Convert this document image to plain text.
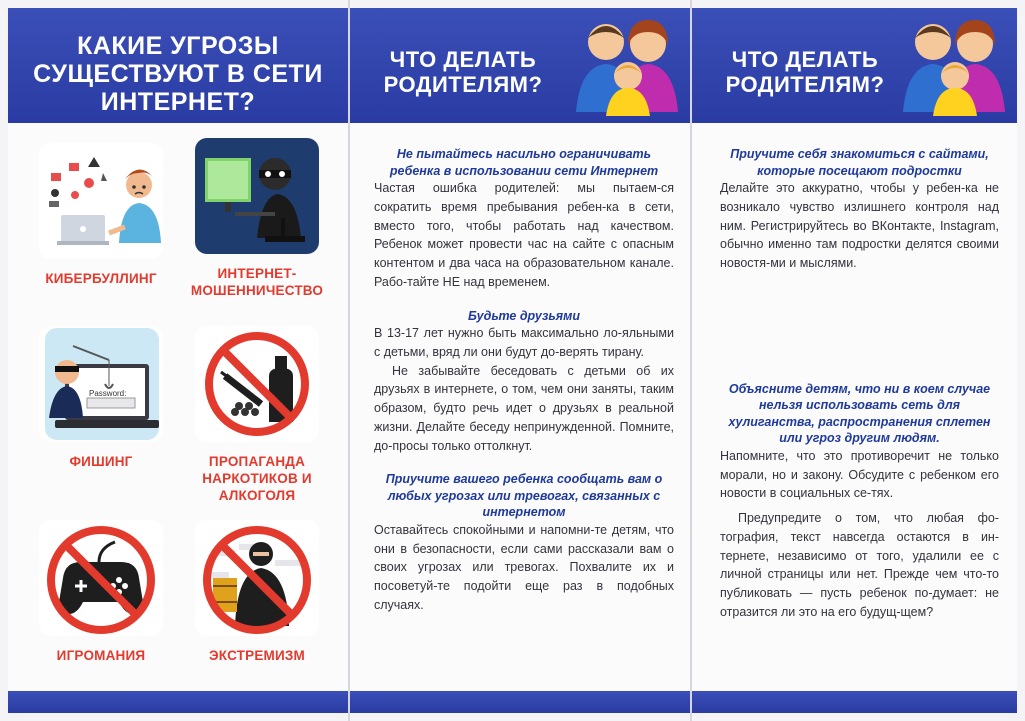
КАКИЕ УГРОЗЫ СУЩЕСТВУЮТ В СЕТИ ИНТЕРНЕТ?
КИБЕРБУЛЛИНГ	ИНТЕРНЕТ-МОШЕННИЧЕСТВО
Password:
ФИШИНГ	ПРОПАГАНДА НАРКОТИКОВ И АЛКОГОЛЯ
ИГРОМАНИЯ	ЭКСТРЕМИЗМ
ЧТО ДЕЛАТЬ РОДИТЕЛЯМ?
Не пытайтесь насильно ограничивать ребенка в использовании сети Интернет

Частая ошибка родителей: мы пытаем-ся сократить время пребывания ребен-ка в сети, вместо того, чтобы работать над качеством. Ребенок может провести час на сайте с опасным контентом и два часа на образовательном канале. Рабо-тайте НЕ над временем.

Будьте друзьями

В 13-17 лет нужно быть максимально ло-яльными с детьми, вряд ли они будут до-верять тирану.

Не забывайте беседовать с детьми об их друзьях в интернете, о том, чем они заняты, таким образом, будто речь идет о друзьях в реальной жизни. Делайте беседу непринужденной. Помните, до-просы только оттолкнут.

Приучите вашего ребенка сообщать вам о любых угрозах или тревогах, связанных с интернетом

Оставайтесь спокойными и напомни-те детям, что они в безопасности, если сами рассказали вам о своих угрозах или тревогах. Похвалите их и посоветуй-те подойти еще раз в подобных случаях.

ЧТО ДЕЛАТЬ РОДИТЕЛЯМ?
Приучите себя знакомиться с сайтами, которые посещают подростки

Делайте это аккуратно, чтобы у ребен-ка не возникало чувство излишнего контроля над ним. Регистрируйтесь во ВКонтакте, Instagram, обычно именно там подростки делятся своими новостя-ми и мыслями.

Объясните детям, что ни в коем случае нельзя использовать сеть для хулиганства, распространения сплетен или угроз другим людям.

Напомните, что это противоречит не только морали, но и закону. Обсудите с ребенком его новости в социальных се-тях.

Предупредите о том, что любая фо-тография, текст навсегда остаются в ин-тернете, независимо от того, удалили ее с личной страницы или нет. Прежде чем что-то публиковать — пусть ребенок по-думает: не отразится ли это на его будущ-щем?
